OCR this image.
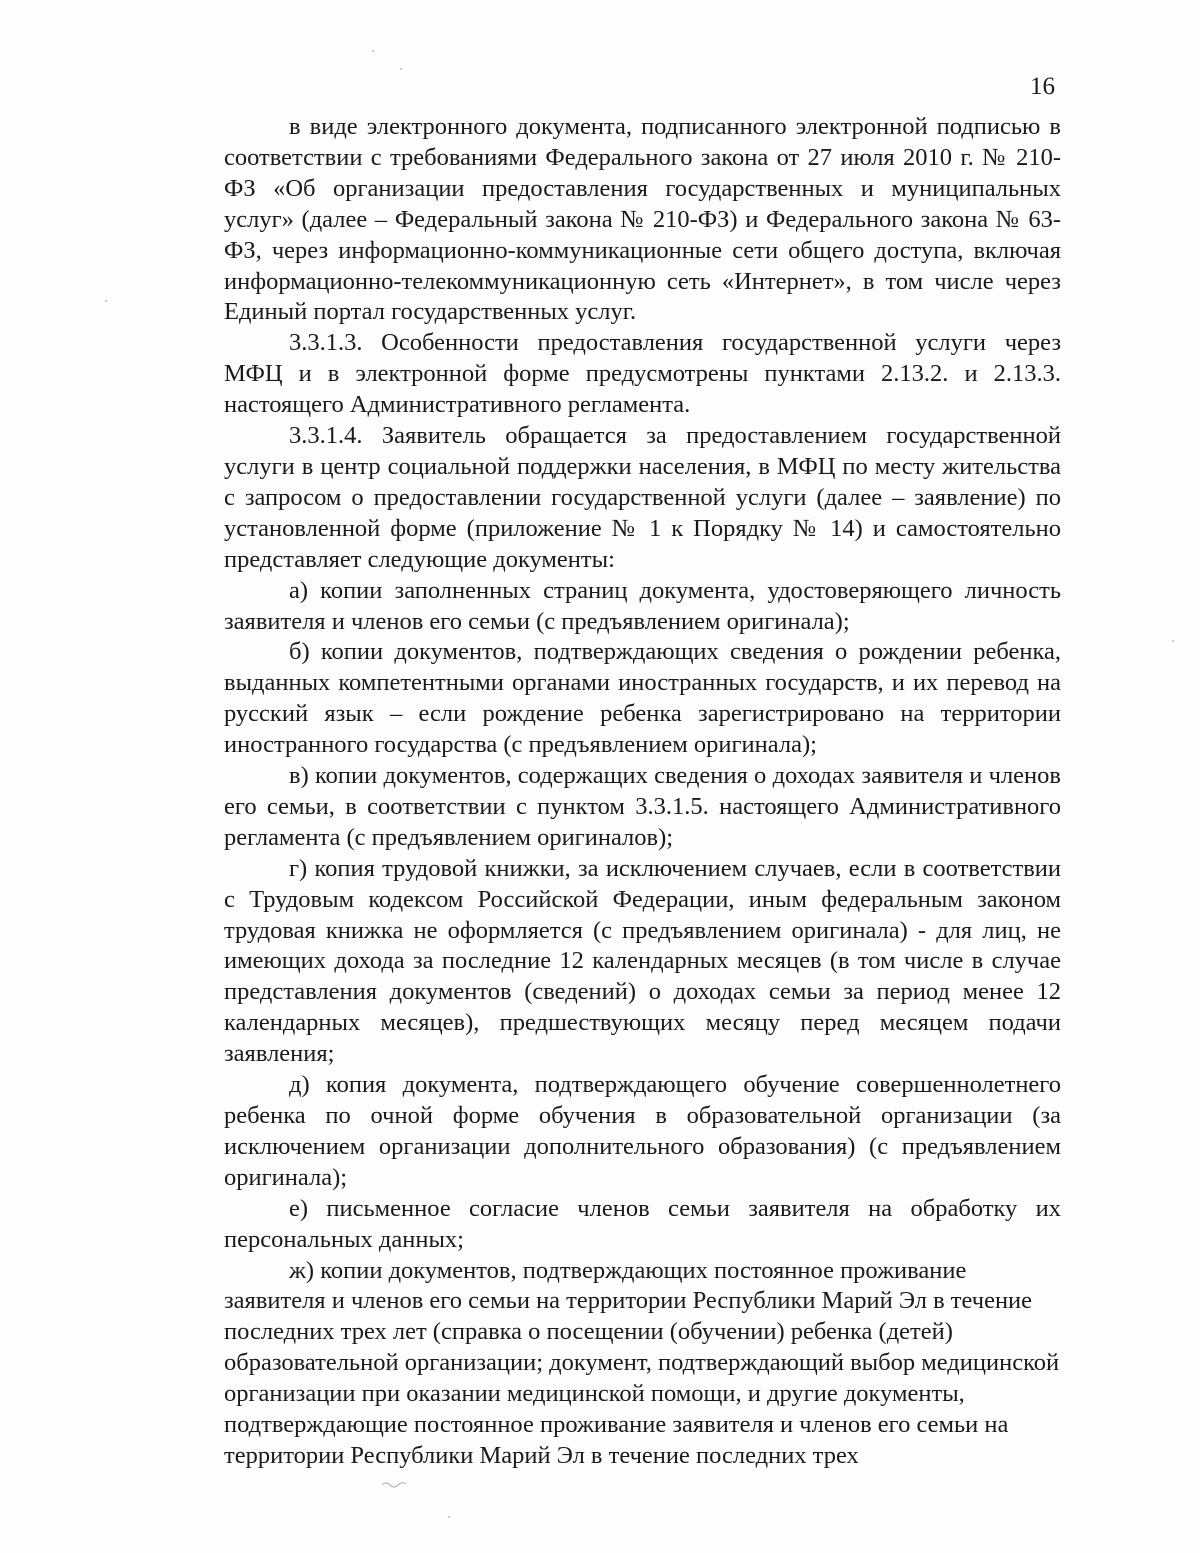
16

в виде электронного документа, подписанного электронной подписью в соответствии с требованиями Федерального закона от 27 июля 2010 г. № 210-ФЗ «Об организации предоставления государственных и муниципальных услуг» (далее – Федеральный закона № 210-ФЗ) и Федерального закона № 63-ФЗ, через информационно-коммуникационные сети общего доступа, включая информационно-телекоммуникационную сеть «Интернет», в том числе через Единый портал государственных услуг.

3.3.1.3. Особенности предоставления государственной услуги через МФЦ и в электронной форме предусмотрены пунктами 2.13.2. и 2.13.3. настоящего Административного регламента.

3.3.1.4. Заявитель обращается за предоставлением государственной услуги в центр социальной поддержки населения, в МФЦ по месту жительства с запросом о предоставлении государственной услуги (далее – заявление) по установленной форме (приложение № 1 к Порядку № 14) и самостоятельно представляет следующие документы:

а) копии заполненных страниц документа, удостоверяющего личность заявителя и членов его семьи (с предъявлением оригинала);

б) копии документов, подтверждающих сведения о рождении ребенка, выданных компетентными органами иностранных государств, и их перевод на русский язык – если рождение ребенка зарегистрировано на территории иностранного государства (с предъявлением оригинала);

в) копии документов, содержащих сведения о доходах заявителя и членов его семьи, в соответствии с пунктом 3.3.1.5. настоящего Административного регламента (с предъявлением оригиналов);

г) копия трудовой книжки, за исключением случаев, если в соответствии с Трудовым кодексом Российской Федерации, иным федеральным законом трудовая книжка не оформляется (с предъявлением оригинала) - для лиц, не имеющих дохода за последние 12 календарных месяцев (в том числе в случае представления документов (сведений) о доходах семьи за период менее 12 календарных месяцев), предшествующих месяцу перед месяцем подачи заявления;

д) копия документа, подтверждающего обучение совершеннолетнего ребенка по очной форме обучения в образовательной организации (за исключением организации дополнительного образования) (с предъявлением оригинала);

е) письменное согласие членов семьи заявителя на обработку их персональных данных;

ж) копии документов, подтверждающих постоянное проживание заявителя и членов его семьи на территории Республики Марий Эл в течение последних трех лет (справка о посещении (обучении) ребенка (детей) образовательной организации; документ, подтверждающий выбор медицинской организации при оказании медицинской помощи, и другие документы, подтверждающие постоянное проживание заявителя и членов его семьи на территории Республики Марий Эл в течение последних трех
